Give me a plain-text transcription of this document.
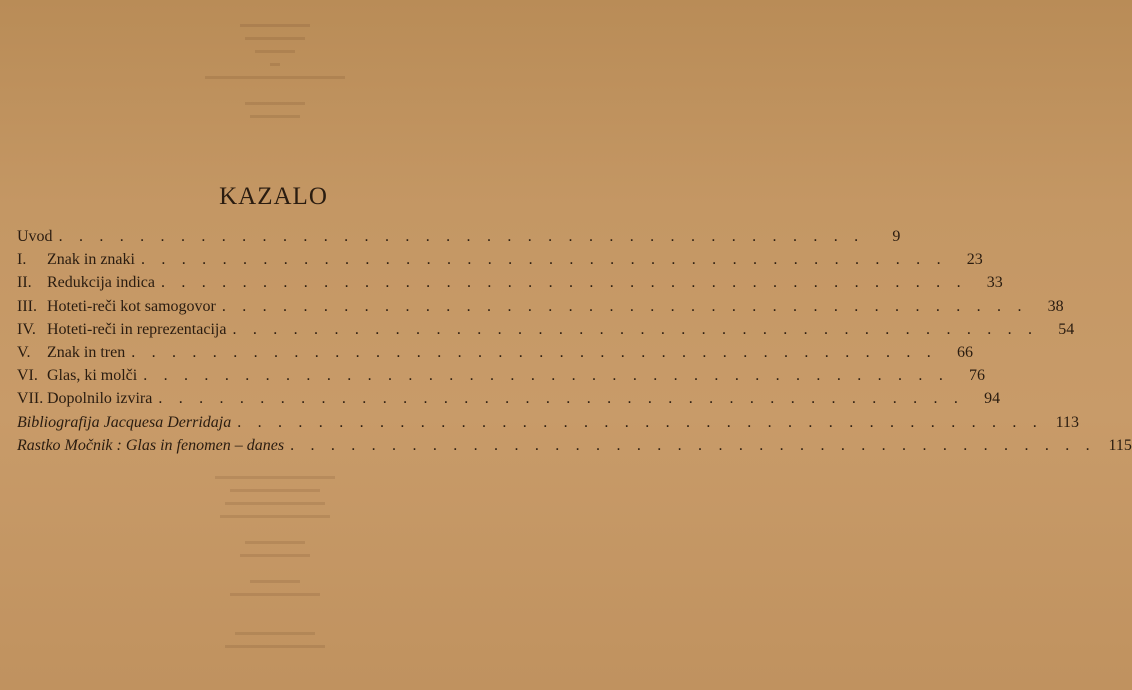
▬▬▬▬▬▬▬
▬▬▬▬▬▬
▬▬▬▬
▬
▬▬▬▬▬▬▬▬▬▬▬▬▬▬

▬▬▬▬▬▬
▬▬▬▬▬
KAZALO
Uvod . . . . . . . . . . . . . . . . . . . . . . . . . . . . . . . . . . . . . . . .	9
I.	Znak in znaki . . . . . . . . . . . . . . . . . . . . . . . . . . . . . . . . . . . . . . . .	23
II. Redukcija indica . . . . . . . . . . . . . . . . . . . . . . . . . . . . . . . . . . . . . . . .	33
III. Hoteti-reči kot samogovor . . . . . . . . . . . . . . . . . . . . . . . . . . . . . . . . . . . . . . . .	38
IV. Hoteti-reči in reprezentacija . . . . . . . . . . . . . . . . . . . . . . . . . . . . . . . . . . . . . . . .	54
V.	Znak in tren . . . . . . . . . . . . . . . . . . . . . . . . . . . . . . . . . . . . . . . .	66
VI. Glas, ki molči . . . . . . . . . . . . . . . . . . . . . . . . . . . . . . . . . . . . . . . .	76
VII. Dopolnilo izvira . . . . . . . . . . . . . . . . . . . . . . . . . . . . . . . . . . . . . . . .	94
Bibliografija Jacquesa Derridaja . . . . . . . . . . . . . . . . . . . . . . . . . . . . . . . . . . . . . . . . 113
Rastko Močnik : Glas in fenomen – danes . . . . . . . . . . . . . . . . . . . . . . . . . . . . . . . . . . . . . . . . 115
▬▬▬▬▬▬▬▬▬▬▬▬
▬▬▬▬▬▬▬▬▬
▬▬▬▬▬▬▬▬▬▬
▬▬▬▬▬▬▬▬▬▬▬

▬▬▬▬▬▬
▬▬▬▬▬▬▬

▬▬▬▬▬
▬▬▬▬▬▬▬▬▬

▬▬▬▬▬▬▬▬
▬▬▬▬▬▬▬▬▬▬
